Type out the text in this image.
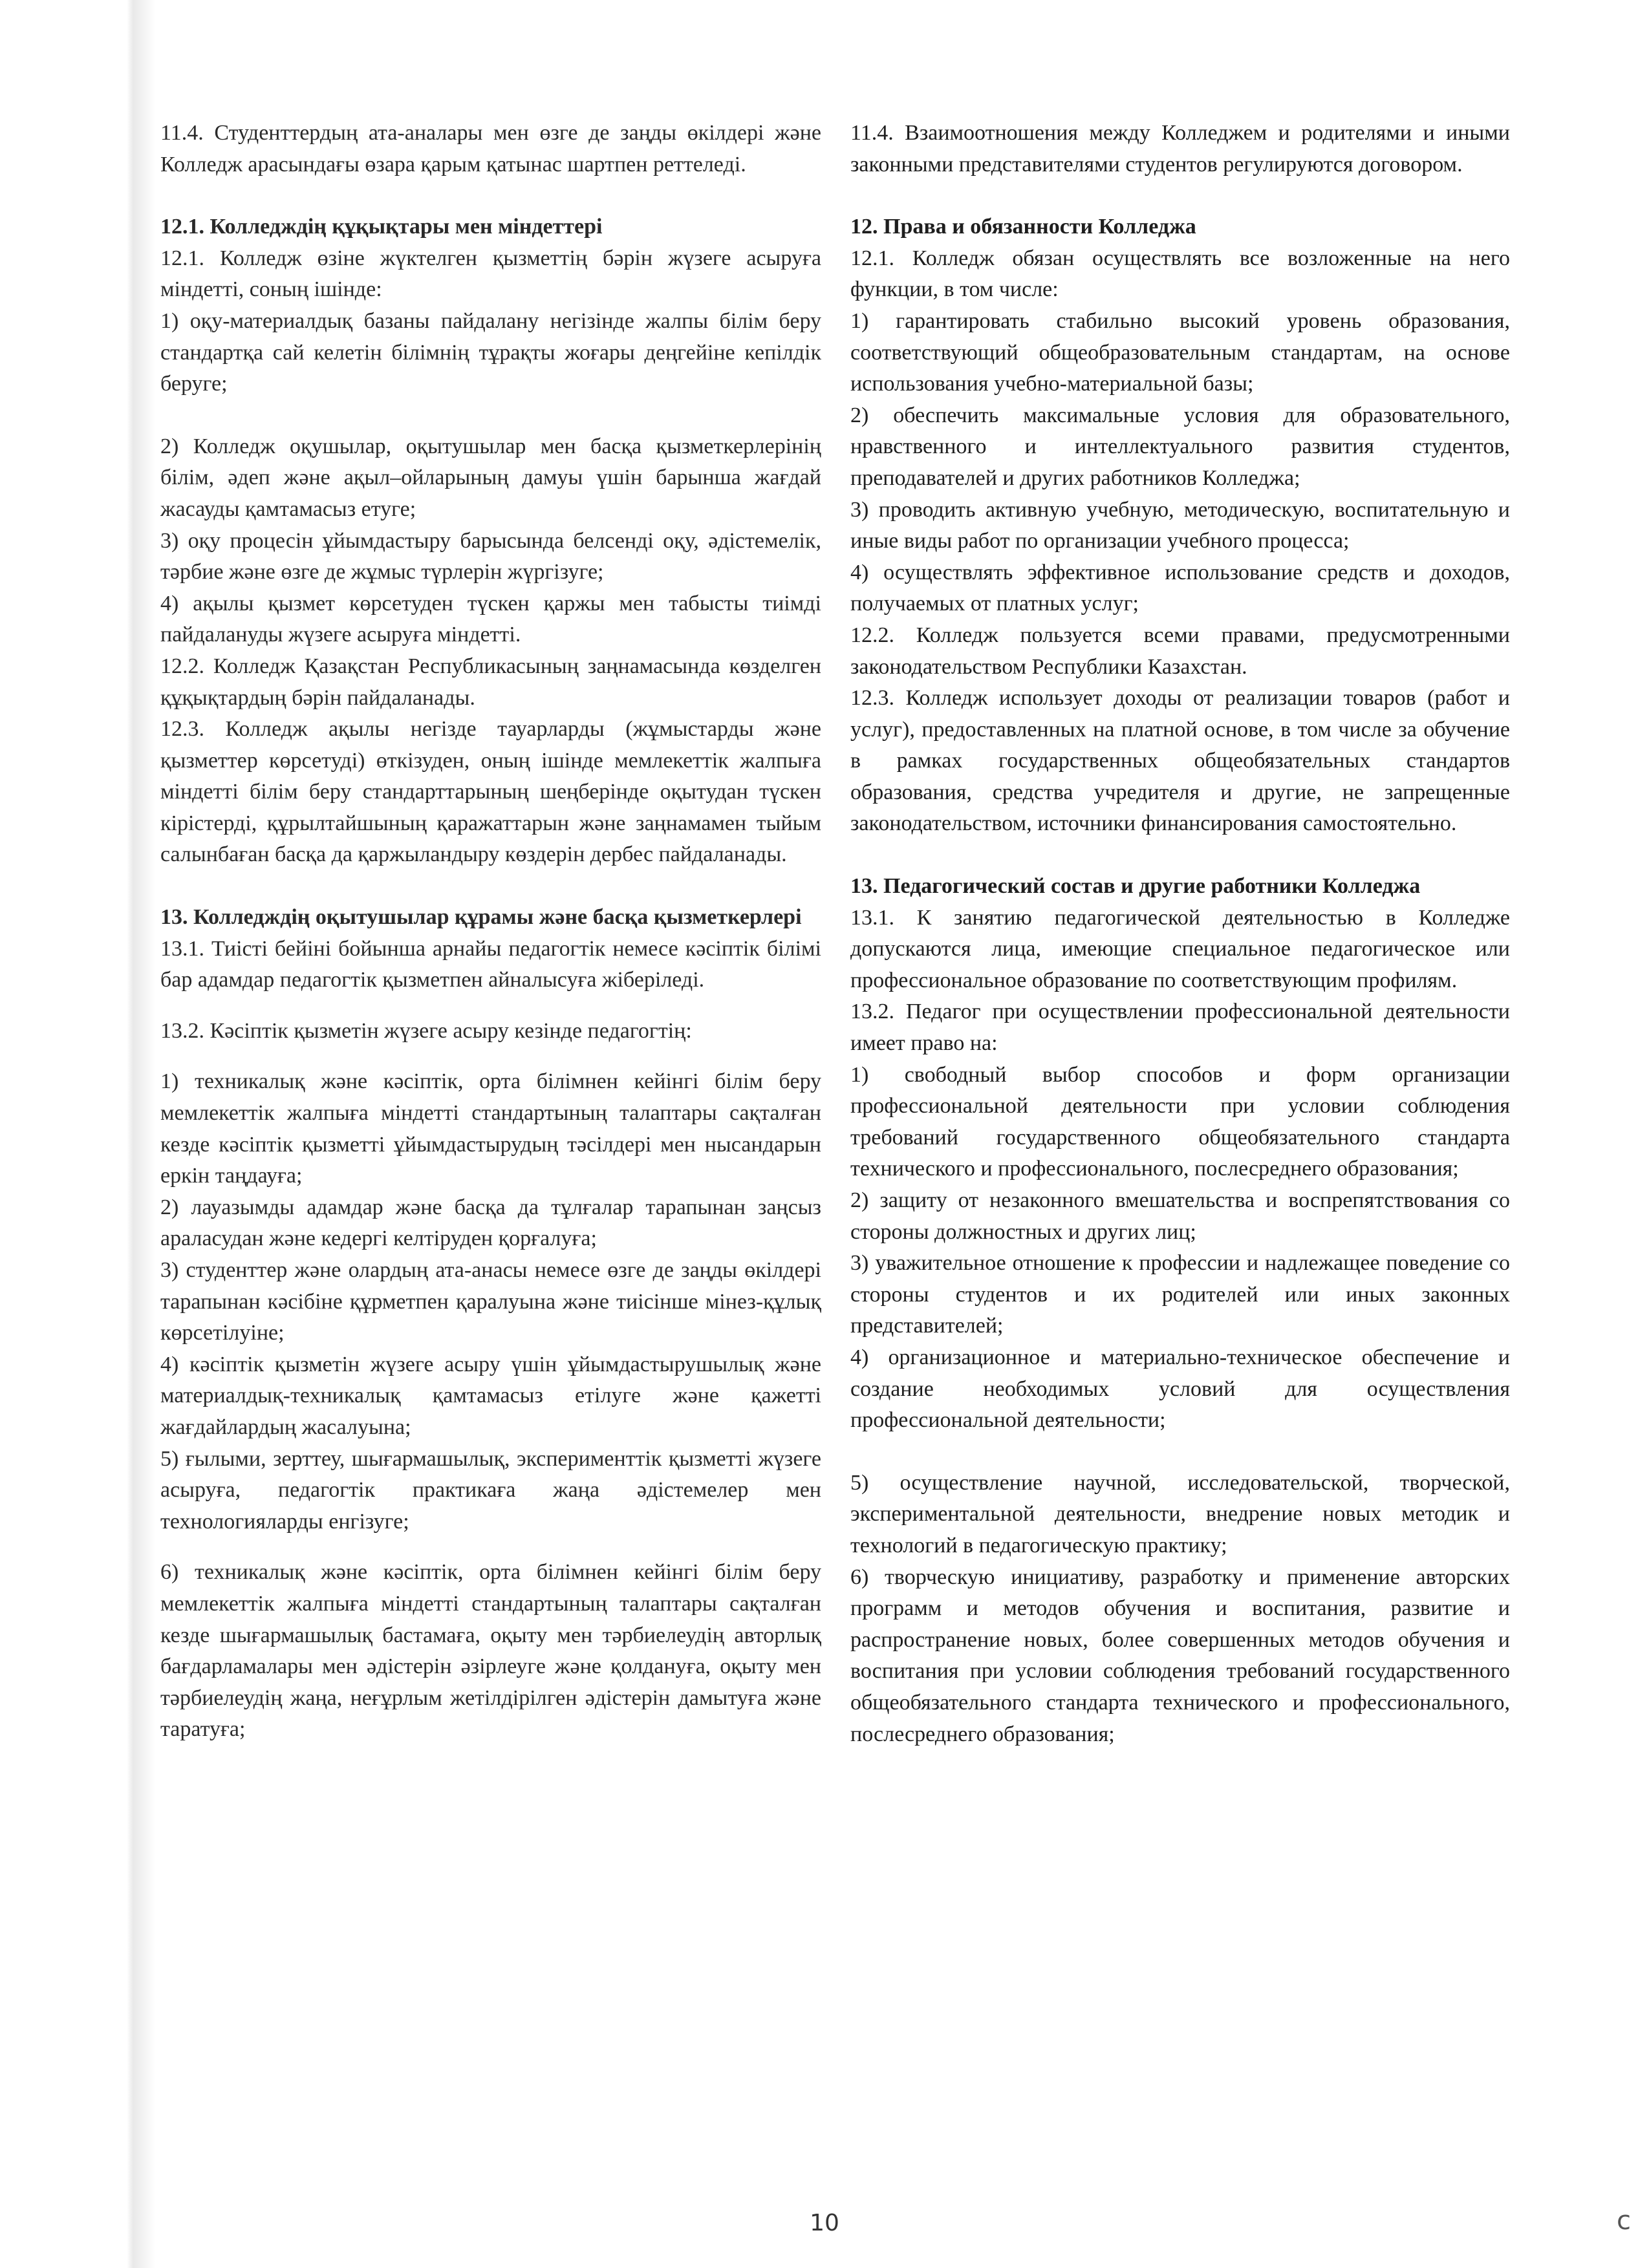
11.4. Студенттердың ата-аналары мен өзге де заңды өкілдері және Колледж арасындағы өзара қарым қатынас шартпен реттеледі.

12.1. Колледждің құқықтары мен міндеттері

12.1. Колледж өзіне жүктелген қызметтің бәрін жүзеге асыруға міндетті, соның ішінде:

1) оқу-материалдық базаны пайдалану негізінде жалпы білім беру стандартқа сай келетін білімнің тұрақты жоғары деңгейіне кепілдік беруге;

2) Колледж оқушылар, оқытушылар мен басқа қызметкерлерінің білім, әдеп және ақыл–ойларының дамуы үшін барынша жағдай жасауды қамтамасыз етуге;

3) оқу процесін ұйымдастыру барысында белсенді оқу, әдістемелік, тәрбие және өзге де жұмыс түрлерін жүргізуге;

4) ақылы қызмет көрсетуден түскен қаржы мен табысты тиімді пайдалануды жүзеге асыруға міндетті.

12.2. Колледж Қазақстан Республикасының заңнамасында көзделген құқықтардың бәрін пайдаланады.

12.3. Колледж ақылы негізде тауарларды (жұмыстарды және қызметтер көрсетуді) өткізуден, оның ішінде мемлекеттік жалпыға міндетті білім беру стандарттарының шеңберінде оқытудан түскен кірістерді, құрылтайшының қаражаттарын және заңнамамен тыйым салынбаған басқа да қаржыландыру көздерін дербес пайдаланады.

13. Колледждің оқытушылар құрамы және басқа қызметкерлері

13.1. Тиісті бейіні бойынша арнайы педагогтік немесе кәсіптік білімі бар адамдар педагогтік қызметпен айналысуға жіберіледі.

13.2. Кәсіптік қызметін жүзеге асыру кезінде педагогтің:

1) техникалық және кәсіптік, орта білімнен кейінгі білім беру мемлекеттік жалпыға міндетті стандартының талаптары сақталған кезде кәсіптік қызметті ұйымдастырудың тәсілдері мен нысандарын еркін таңдауға;

2) лауазымды адамдар және басқа да тұлғалар тарапынан заңсыз араласудан және кедергі келтіруден қорғалуға;

3) студенттер және олардың ата-анасы немесе өзге де заңды өкілдері тарапынан кәсібіне құрметпен қаралуына және тиісінше мінез-құлық көрсетілуіне;

4) кәсіптік қызметін жүзеге асыру үшін ұйымдастырушылық және материалдық-техникалық қамтамасыз етілуге және қажетті жағдайлардың жасалуына;

5) ғылыми, зерттеу, шығармашылық, эксперименттік қызметті жүзеге асыруға, педагогтік практикаға жаңа әдістемелер мен технологияларды енгізуге;

6) техникалық және кәсіптік, орта білімнен кейінгі білім беру мемлекеттік жалпыға міндетті стандартының талаптары сақталған кезде шығармашылық бастамаға, оқыту мен тәрбиелеудің авторлық бағдарламалары мен әдістерін әзірлеуге және қолдануға, оқыту мен тәрбиелеудің жаңа, неғұрлым жетілдірілген әдістерін дамытуға және таратуға;

11.4. Взаимоотношения между Колледжем и родителями и иными законными представителями студентов регулируются договором.

12. Права и обязанности Колледжа

12.1. Колледж обязан осуществлять все возложенные на него функции, в том числе:

1) гарантировать стабильно высокий уровень образования, соответствующий общеобразовательным стандартам, на основе использования учебно-материальной базы;

2) обеспечить максимальные условия для образовательного, нравственного и интеллектуального развития студентов, преподавателей и других работников Колледжа;

3) проводить активную учебную, методическую, воспитательную и иные виды работ по организации учебного процесса;

4) осуществлять эффективное использование средств и доходов, получаемых от платных услуг;

12.2. Колледж пользуется всеми правами, предусмотренными законодательством Республики Казахстан.

12.3. Колледж использует доходы от реализации товаров (работ и услуг), предоставленных на платной основе, в том числе за обучение в рамках государственных общеобязательных стандартов образования, средства учредителя и другие, не запрещенные законодательством, источники финансирования самостоятельно.

13. Педагогический состав и другие работники Колледжа

13.1. К занятию педагогической деятельностью в Колледже допускаются лица, имеющие специальное педагогическое или профессиональное образование по соответствующим профилям.

13.2. Педагог при осуществлении профессиональной деятельности имеет право на:

1) свободный выбор способов и форм организации профессиональной деятельности при условии соблюдения требований государственного общеобязательного стандарта технического и профессионального, послесреднего образования;

2) защиту от незаконного вмешательства и воспрепятствования со стороны должностных и других лиц;

3) уважительное отношение к профессии и надлежащее поведение со стороны студентов и их родителей или иных законных представителей;

4) организационное и материально-техническое обеспечение и создание необходимых условий для осуществления профессиональной деятельности;

5) осуществление научной, исследовательской, творческой, экспериментальной деятельности, внедрение новых методик и технологий в педагогическую практику;

6) творческую инициативу, разработку и применение авторских программ и методов обучения и воспитания, развитие и распространение новых, более совершенных методов обучения и воспитания при условии соблюдения требований государственного общеобязательного стандарта технического и профессионального, послесреднего образования;

10	c
